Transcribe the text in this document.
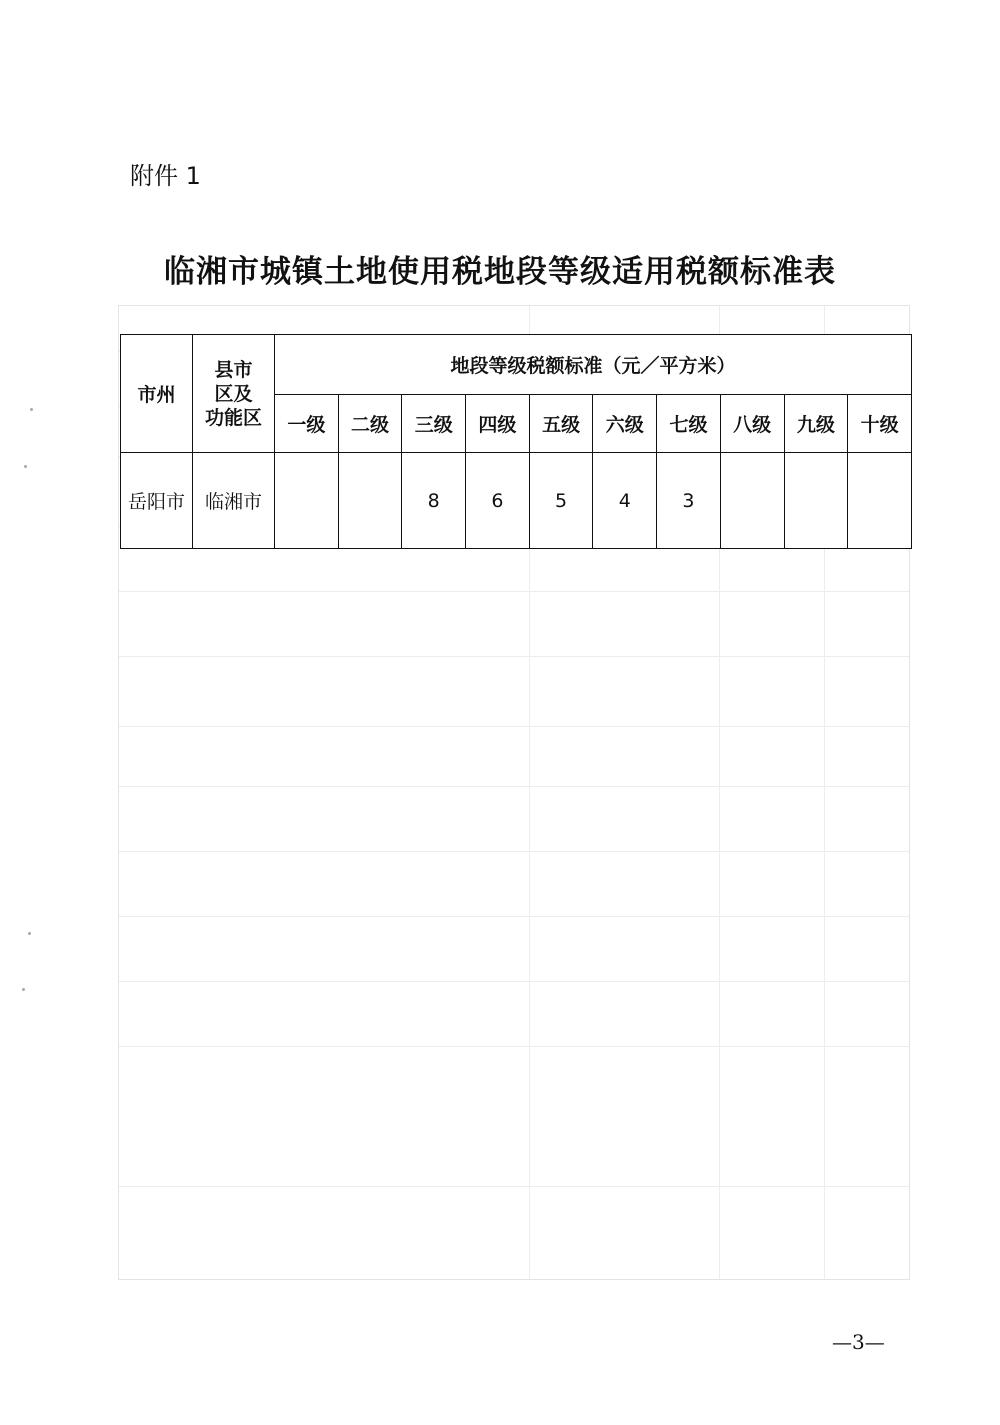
附件 1
临湘市城镇土地使用税地段等级适用税额标准表
市州	县市
区及
功能区	地段等级税额标准（元／平方米）									
		一级	二级	三级	四级	五级	六级	七级	八级	九级	十级
岳阳市	临湘市			8	6	5	4	3			
—3—
